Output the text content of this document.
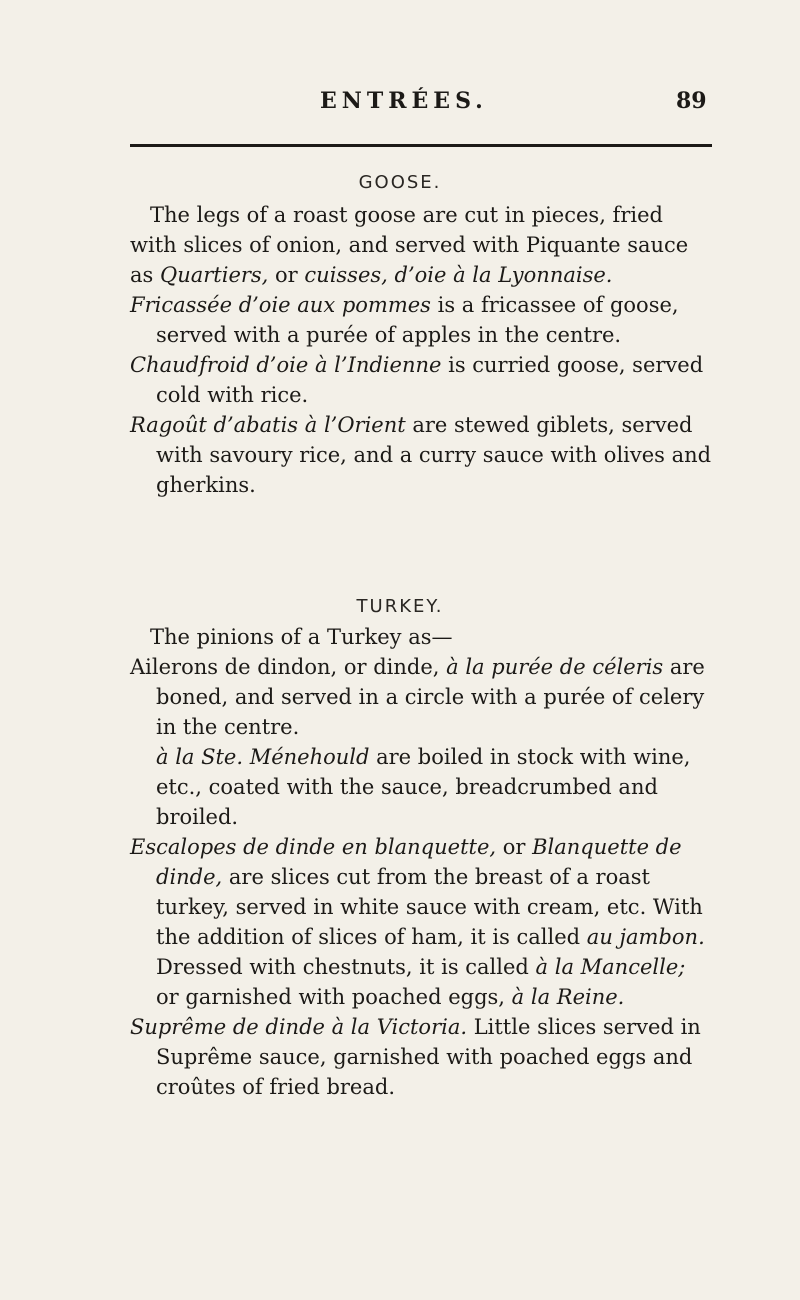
ENTRÉES.	89
GOOSE.

The legs of a roast goose are cut in pieces, fried with slices of onion, and served with Piquante sauce as Quartiers, or cuisses, d’oie à la Lyonnaise.

Fricassée d’oie aux pommes is a fricassee of goose, served with a purée of apples in the centre.

Chaudfroid d’oie à l’Indienne is curried goose, served cold with rice.

Ragoût d’abatis à l’Orient are stewed giblets, served with savoury rice, and a curry sauce with olives and gherkins.

TURKEY.

The pinions of a Turkey as—

Ailerons de dindon, or dinde, à la purée de céleris are boned, and served in a circle with a purée of celery in the centre.

à la Ste. Ménehould are boiled in stock with wine, etc., coated with the sauce, breadcrumbed and broiled.

Escalopes de dinde en blanquette, or Blanquette de dinde, are slices cut from the breast of a roast turkey, served in white sauce with cream, etc. With the addition of slices of ham, it is called au jambon. Dressed with chestnuts, it is called à la Mancelle; or garnished with poached eggs, à la Reine.

Suprême de dinde à la Victoria. Little slices served in Suprême sauce, garnished with poached eggs and croûtes of fried bread.
